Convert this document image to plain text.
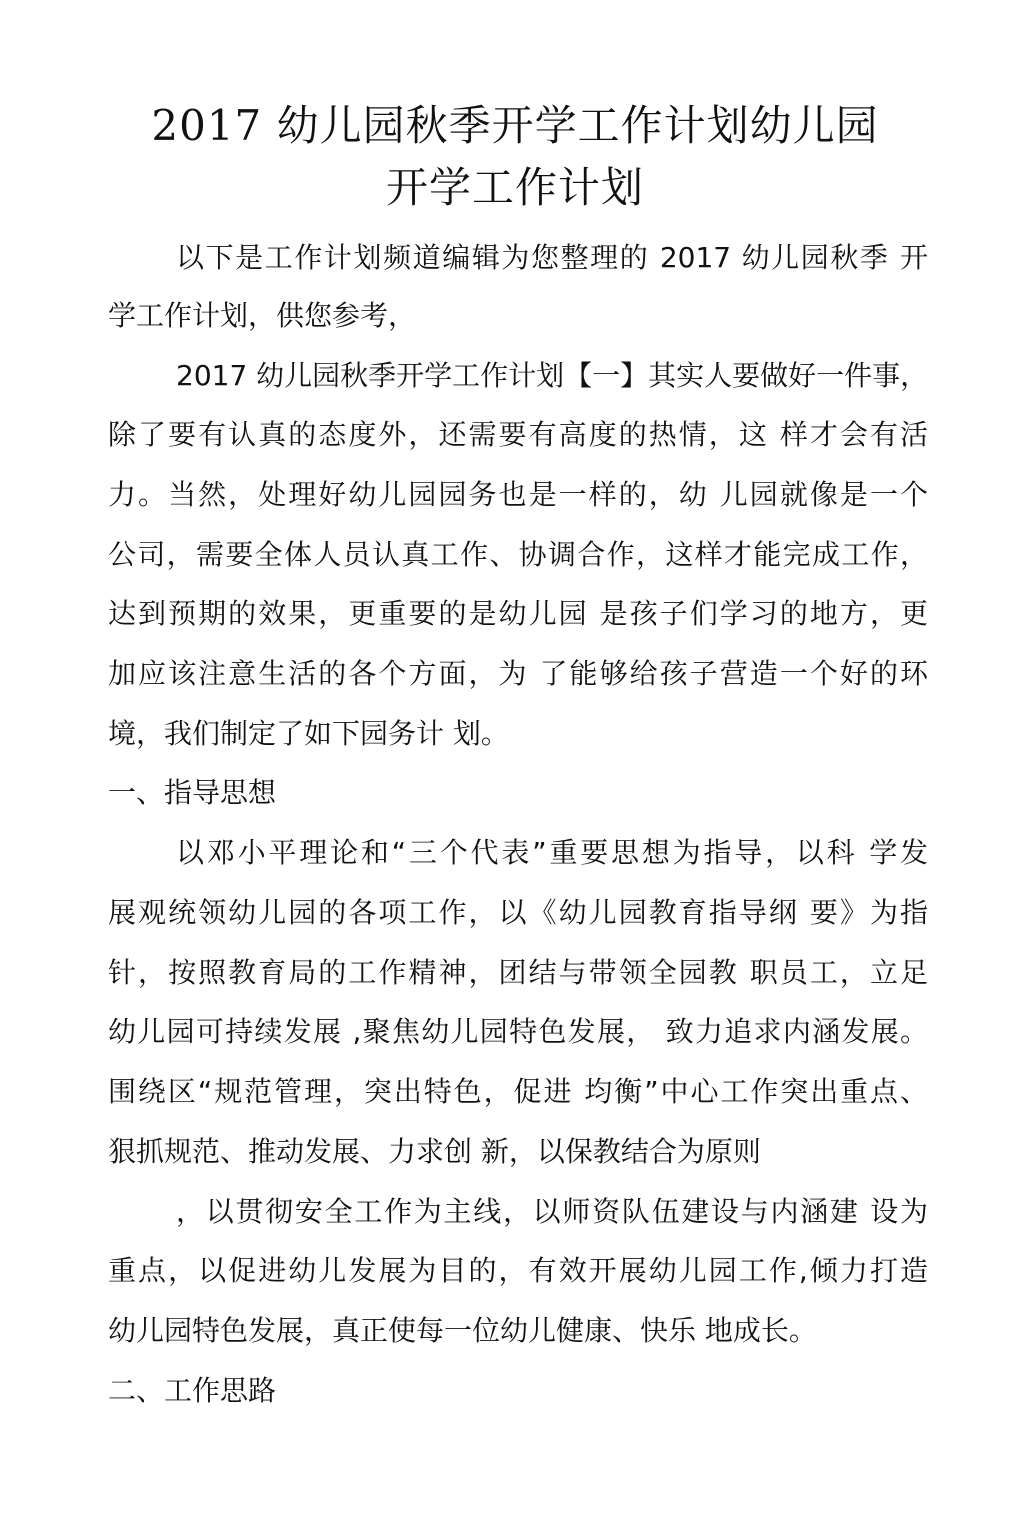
2017 幼儿园秋季开学工作计划幼儿园
开学工作计划

以下是工作计划频道编辑为您整理的 2017 幼儿园秋季 开

学工作计划，供您参考，

2017 幼儿园秋季开学工作计划【一】其实人要做好一件事，

除了要有认真的态度外，还需要有高度的热情，这 样才会有活

力。当然，处理好幼儿园园务也是一样的，幼 儿园就像是一个

公司，需要全体人员认真工作、协调合作，这样才能完成工作，

达到预期的效果，更重要的是幼儿园 是孩子们学习的地方，更

加应该注意生活的各个方面，为 了能够给孩子营造一个好的环

境，我们制定了如下园务计 划。

一、指导思想

以邓小平理论和“三个代表”重要思想为指导，以科 学发

展观统领幼儿园的各项工作，以《幼儿园教育指导纲 要》为指

针，按照教育局的工作精神，团结与带领全园教 职员工，立足

幼儿园可持续发展 ,聚焦幼儿园特色发展， 致力追求内涵发展。

围绕区“规范管理，突出特色，促进 均衡”中心工作突出重点、

狠抓规范、推动发展、力求创 新，以保教结合为原则

，以贯彻安全工作为主线，以师资队伍建设与内涵建 设为

重点，以促进幼儿发展为目的，有效开展幼儿园工作,倾力打造

幼儿园特色发展，真正使每一位幼儿健康、快乐 地成长。

二、工作思路
